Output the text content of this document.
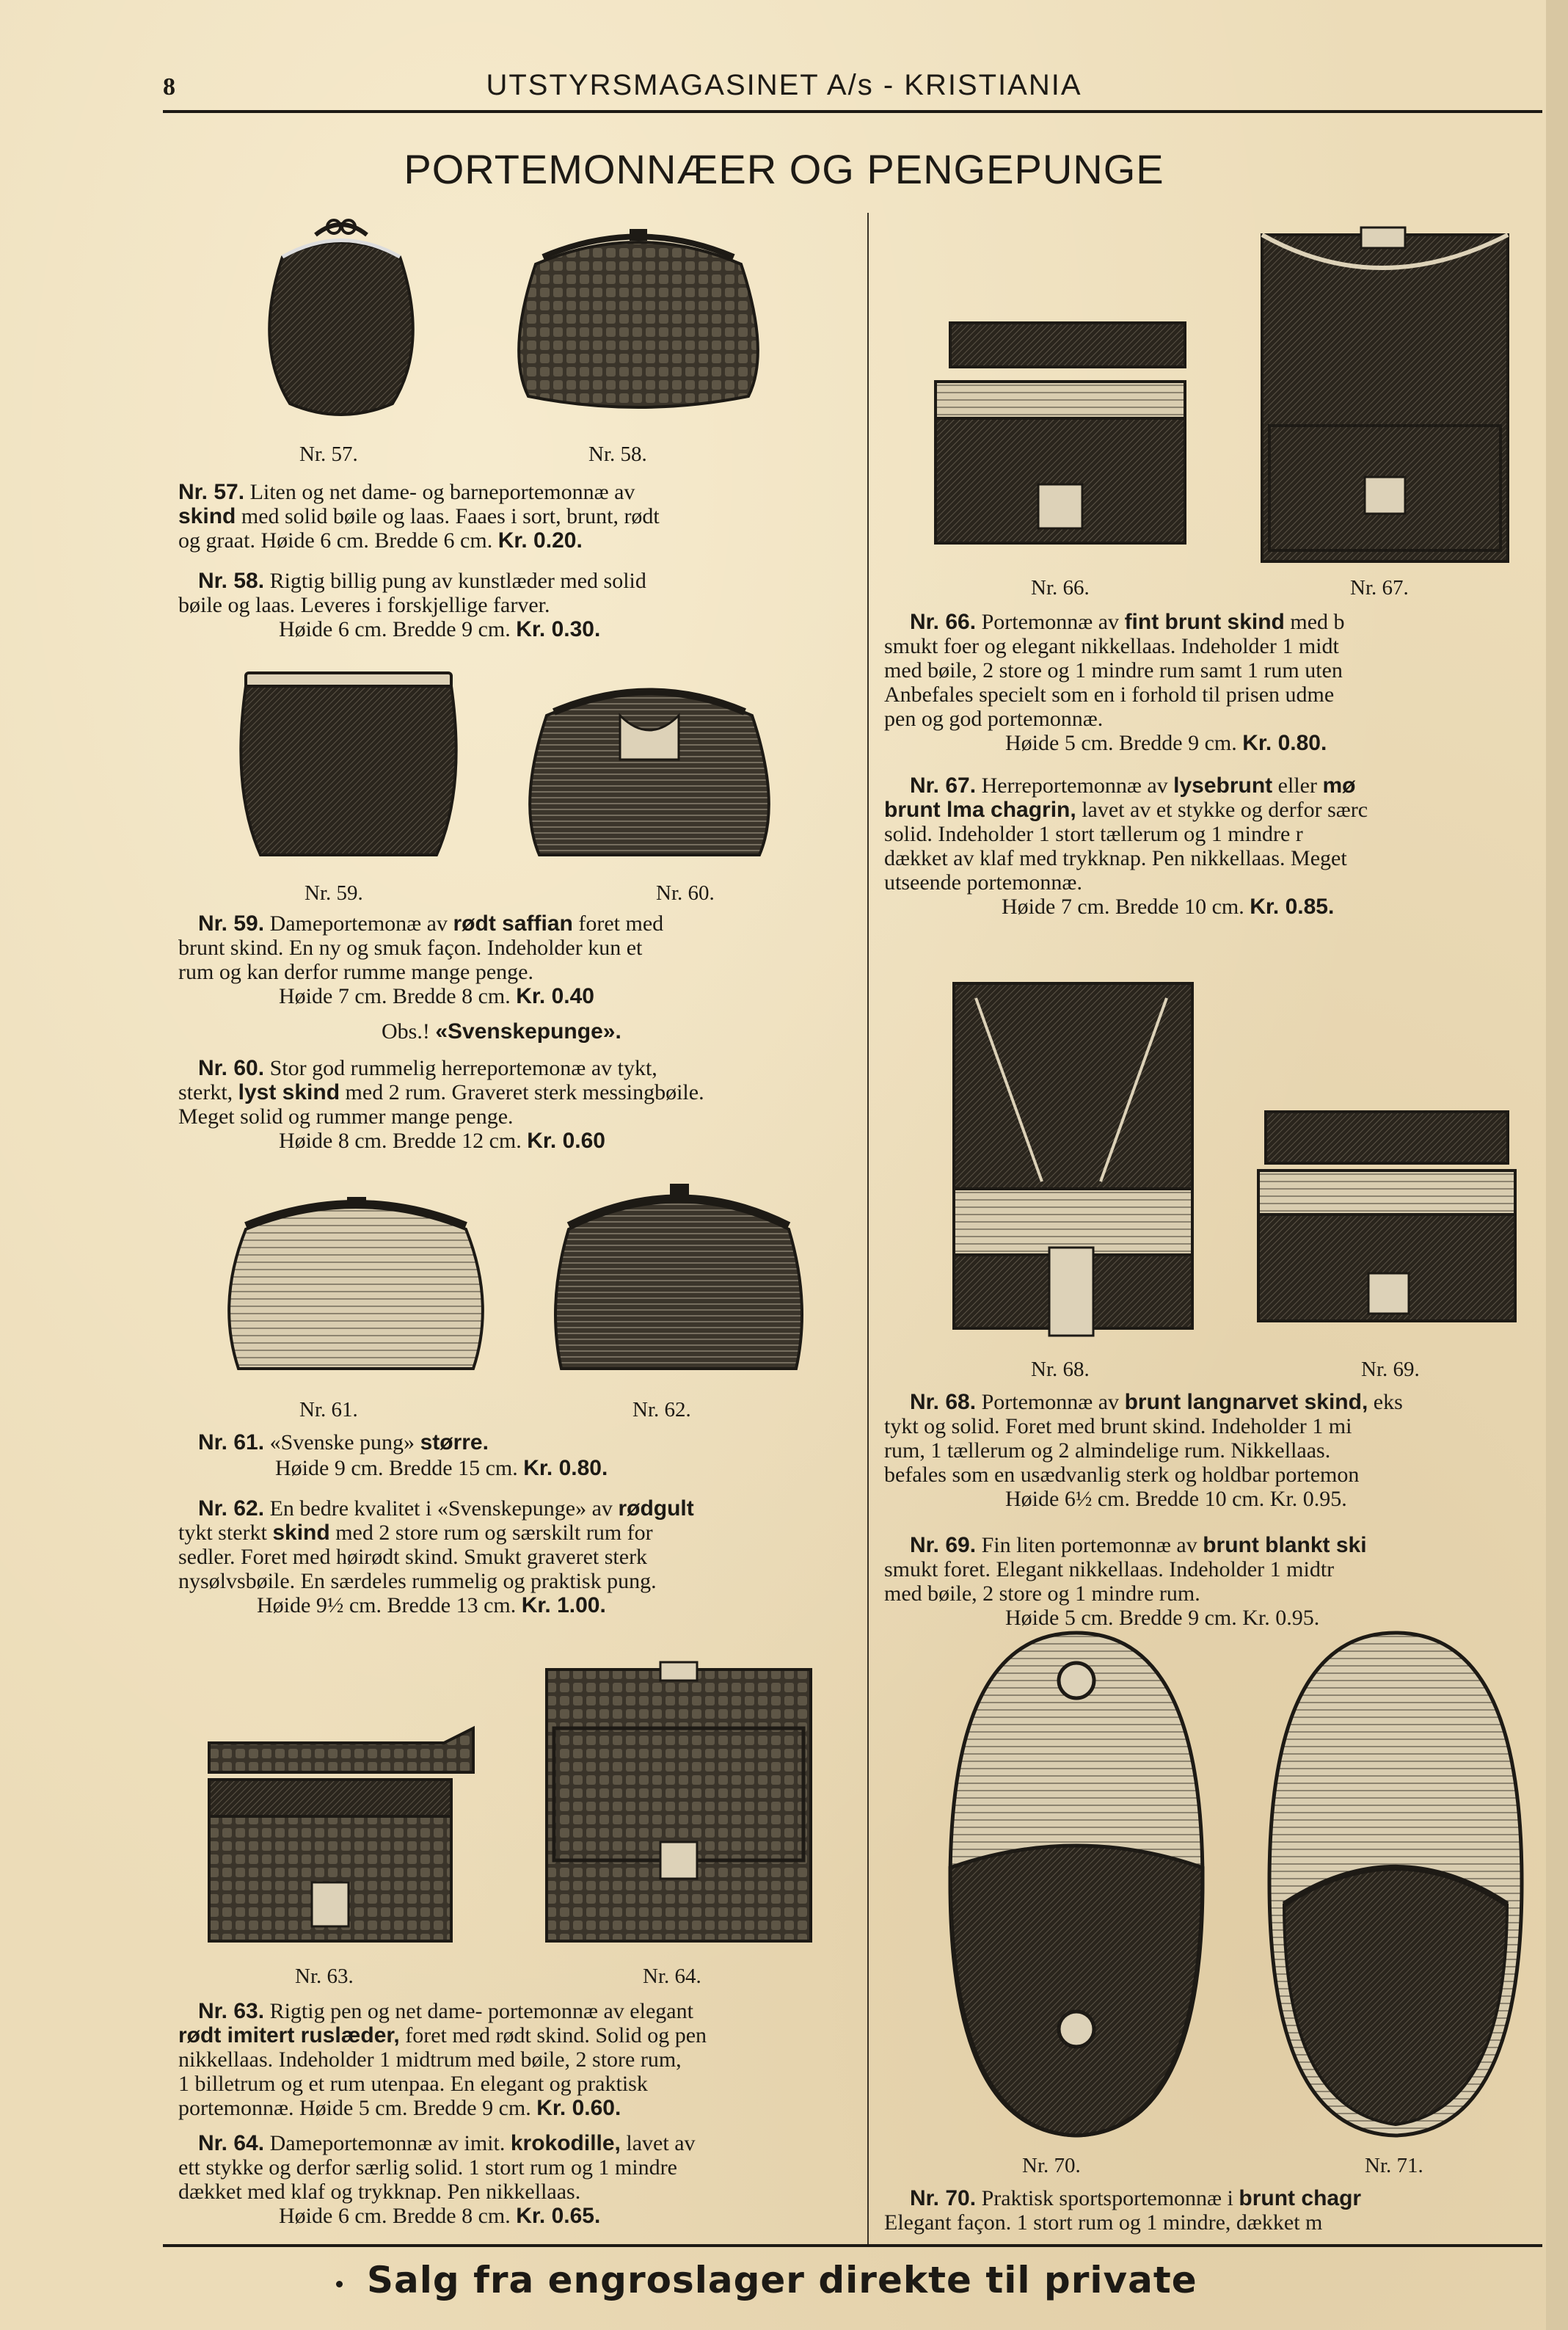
8	UTSTYRSMAGASINET A/s - KRISTIANIA
PORTEMONNÆER OG PENGEPUNGE
Nr. 57.	Nr. 58.
Nr. 59.	Nr. 60.
Nr. 61.	Nr. 62.
Nr. 63.	Nr. 64.
Nr. 66.	Nr. 67.
Nr. 68.	Nr. 69.
Nr. 70.	Nr. 71.
Nr. 57. Liten og net dame- og barneportemonnæ av
skind med solid bøile og laas. Faaes i sort, brunt, rødt
og graat. Høide 6 cm. Bredde 6 cm. Kr. 0.20.
Nr. 58. Rigtig billig pung av kunstlæder med solid
bøile og laas. Leveres i forskjellige farver.
Høide 6 cm. Bredde 9 cm. Kr. 0.30.
Nr. 59. Dameportemonæ av rødt saffian foret med
brunt skind. En ny og smuk façon. Indeholder kun et
rum og kan derfor rumme mange penge.
Høide 7 cm. Bredde 8 cm. Kr. 0.40
Obs.! «Svenskepunge».
Nr. 60. Stor god rummelig herreportemonæ av tykt,
sterkt, lyst skind med 2 rum. Graveret sterk messingbøile.
Meget solid og rummer mange penge.
Høide 8 cm. Bredde 12 cm. Kr. 0.60
Nr. 61. «Svenske pung» større.
Høide 9 cm. Bredde 15 cm. Kr. 0.80.
Nr. 62. En bedre kvalitet i «Svenskepunge» av rødgult
tykt sterkt skind med 2 store rum og særskilt rum for
sedler. Foret med høirødt skind. Smukt graveret sterk
nysølvsbøile. En særdeles rummelig og praktisk pung.
Høide 9½ cm. Bredde 13 cm. Kr. 1.00.
Nr. 63. Rigtig pen og net dame- portemonnæ av elegant
rødt imitert ruslæder, foret med rødt skind. Solid og pen
nikkellaas. Indeholder 1 midtrum med bøile, 2 store rum,
1 billetrum og et rum utenpaa. En elegant og praktisk
portemonnæ. Høide 5 cm. Bredde 9 cm. Kr. 0.60.
Nr. 64. Dameportemonnæ av imit. krokodille, lavet av
ett stykke og derfor særlig solid. 1 stort rum og 1 mindre
dækket med klaf og trykknap. Pen nikkellaas.
Høide 6 cm. Bredde 8 cm. Kr. 0.65.
Nr. 66. Portemonnæ av fint brunt skind med b
smukt foer og elegant nikkellaas. Indeholder 1 midt
med bøile, 2 store og 1 mindre rum samt 1 rum uten
Anbefales specielt som en i forhold til prisen udme
pen og god portemonnæ.
Høide 5 cm. Bredde 9 cm. Kr. 0.80.
Nr. 67. Herreportemonnæ av lysebrunt eller mø
brunt lma chagrin, lavet av et stykke og derfor særc
solid. Indeholder 1 stort tællerum og 1 mindre r
dækket av klaf med trykknap. Pen nikkellaas. Meget
utseende portemonnæ.
Høide 7 cm. Bredde 10 cm. Kr. 0.85.
Nr. 68. Portemonnæ av brunt langnarvet skind, eks
tykt og solid. Foret med brunt skind. Indeholder 1 mi
rum, 1 tællerum og 2 almindelige rum. Nikkellaas.
befales som en usædvanlig sterk og holdbar portemon
Høide 6½ cm. Bredde 10 cm. Kr. 0.95.
Nr. 69. Fin liten portemonnæ av brunt blankt ski
smukt foret. Elegant nikkellaas. Indeholder 1 midtr
med bøile, 2 store og 1 mindre rum.
Høide 5 cm. Bredde 9 cm. Kr. 0.95.
Nr. 70. Praktisk sportsportemonnæ i brunt chagr
Elegant façon. 1 stort rum og 1 mindre, dækket m
Salg fra engroslager direkte til private
